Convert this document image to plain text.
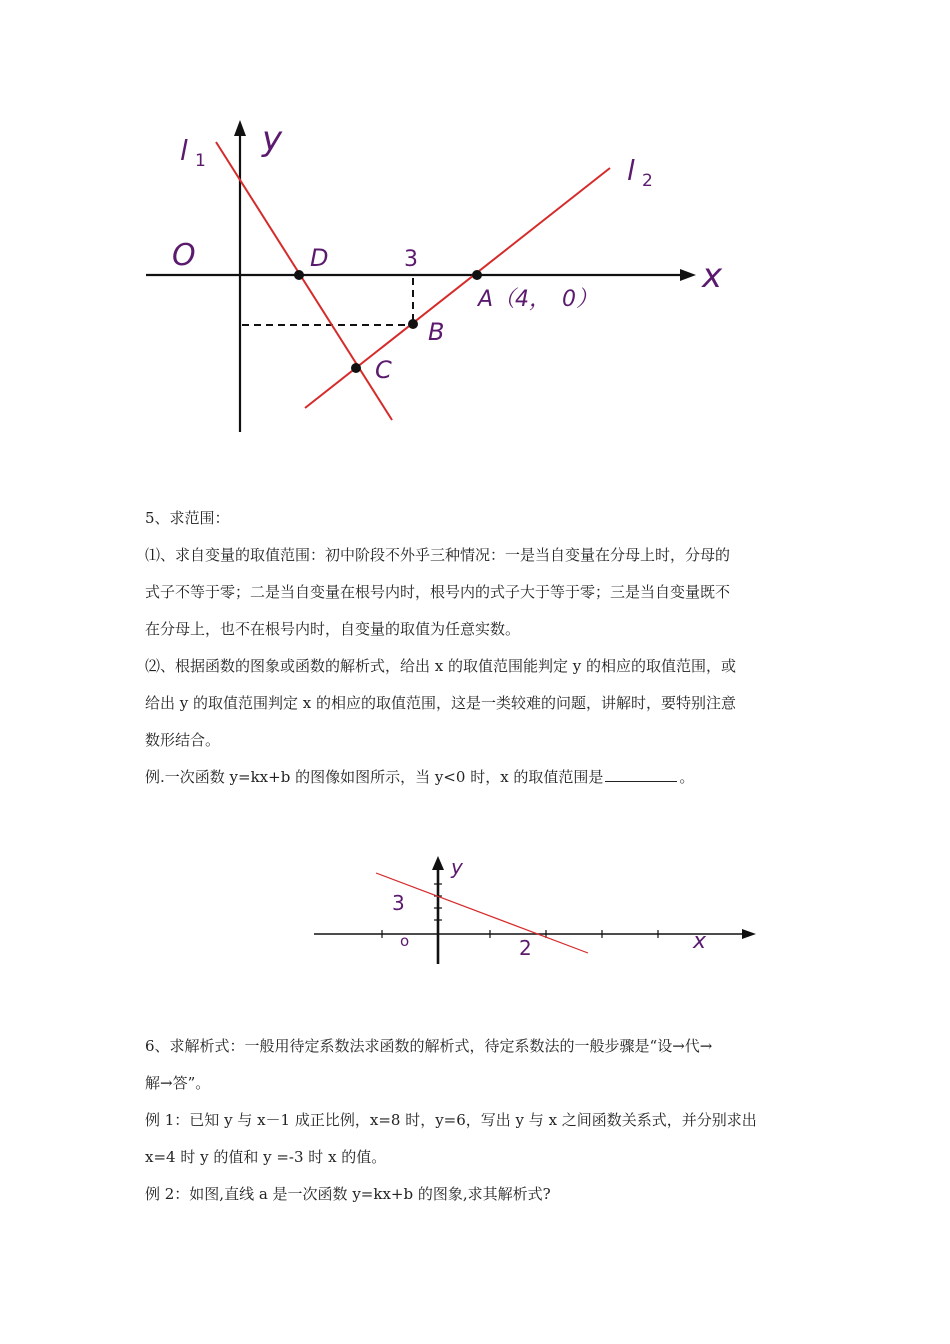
l 1
y
l 2
O	D	3	x
A（4，　0）
B
C

5、求范围：
⑴、求自变量的取值范围：初中阶段不外乎三种情况：一是当自变量在分母上时，分母的
式子不等于零；二是当自变量在根号内时，根号内的式子大于等于零；三是当自变量既不
在分母上，也不在根号内时，自变量的取值为任意实数。
⑵、根据函数的图象或函数的解析式，给出 x 的取值范围能判定 y 的相应的取值范围，或
给出 y 的取值范围判定 x 的相应的取值范围，这是一类较难的问题，讲解时，要特别注意
数形结合。
例.一次函数 y=kx+b 的图像如图所示，当 y<0 时，x 的取值范围是	。

y
x
o
3
2

6、求解析式：一般用待定系数法求函数的解析式，待定系数法的一般步骤是“设→代→
解→答”。
例 1：已知 y 与 x－1 成正比例，x=8 时，y=6，写出 y 与 x 之间函数关系式，并分别求出
x=4 时 y 的值和 y =-3 时 x 的值。
例 2：如图,直线 a 是一次函数 y=kx+b 的图象,求其解析式?
